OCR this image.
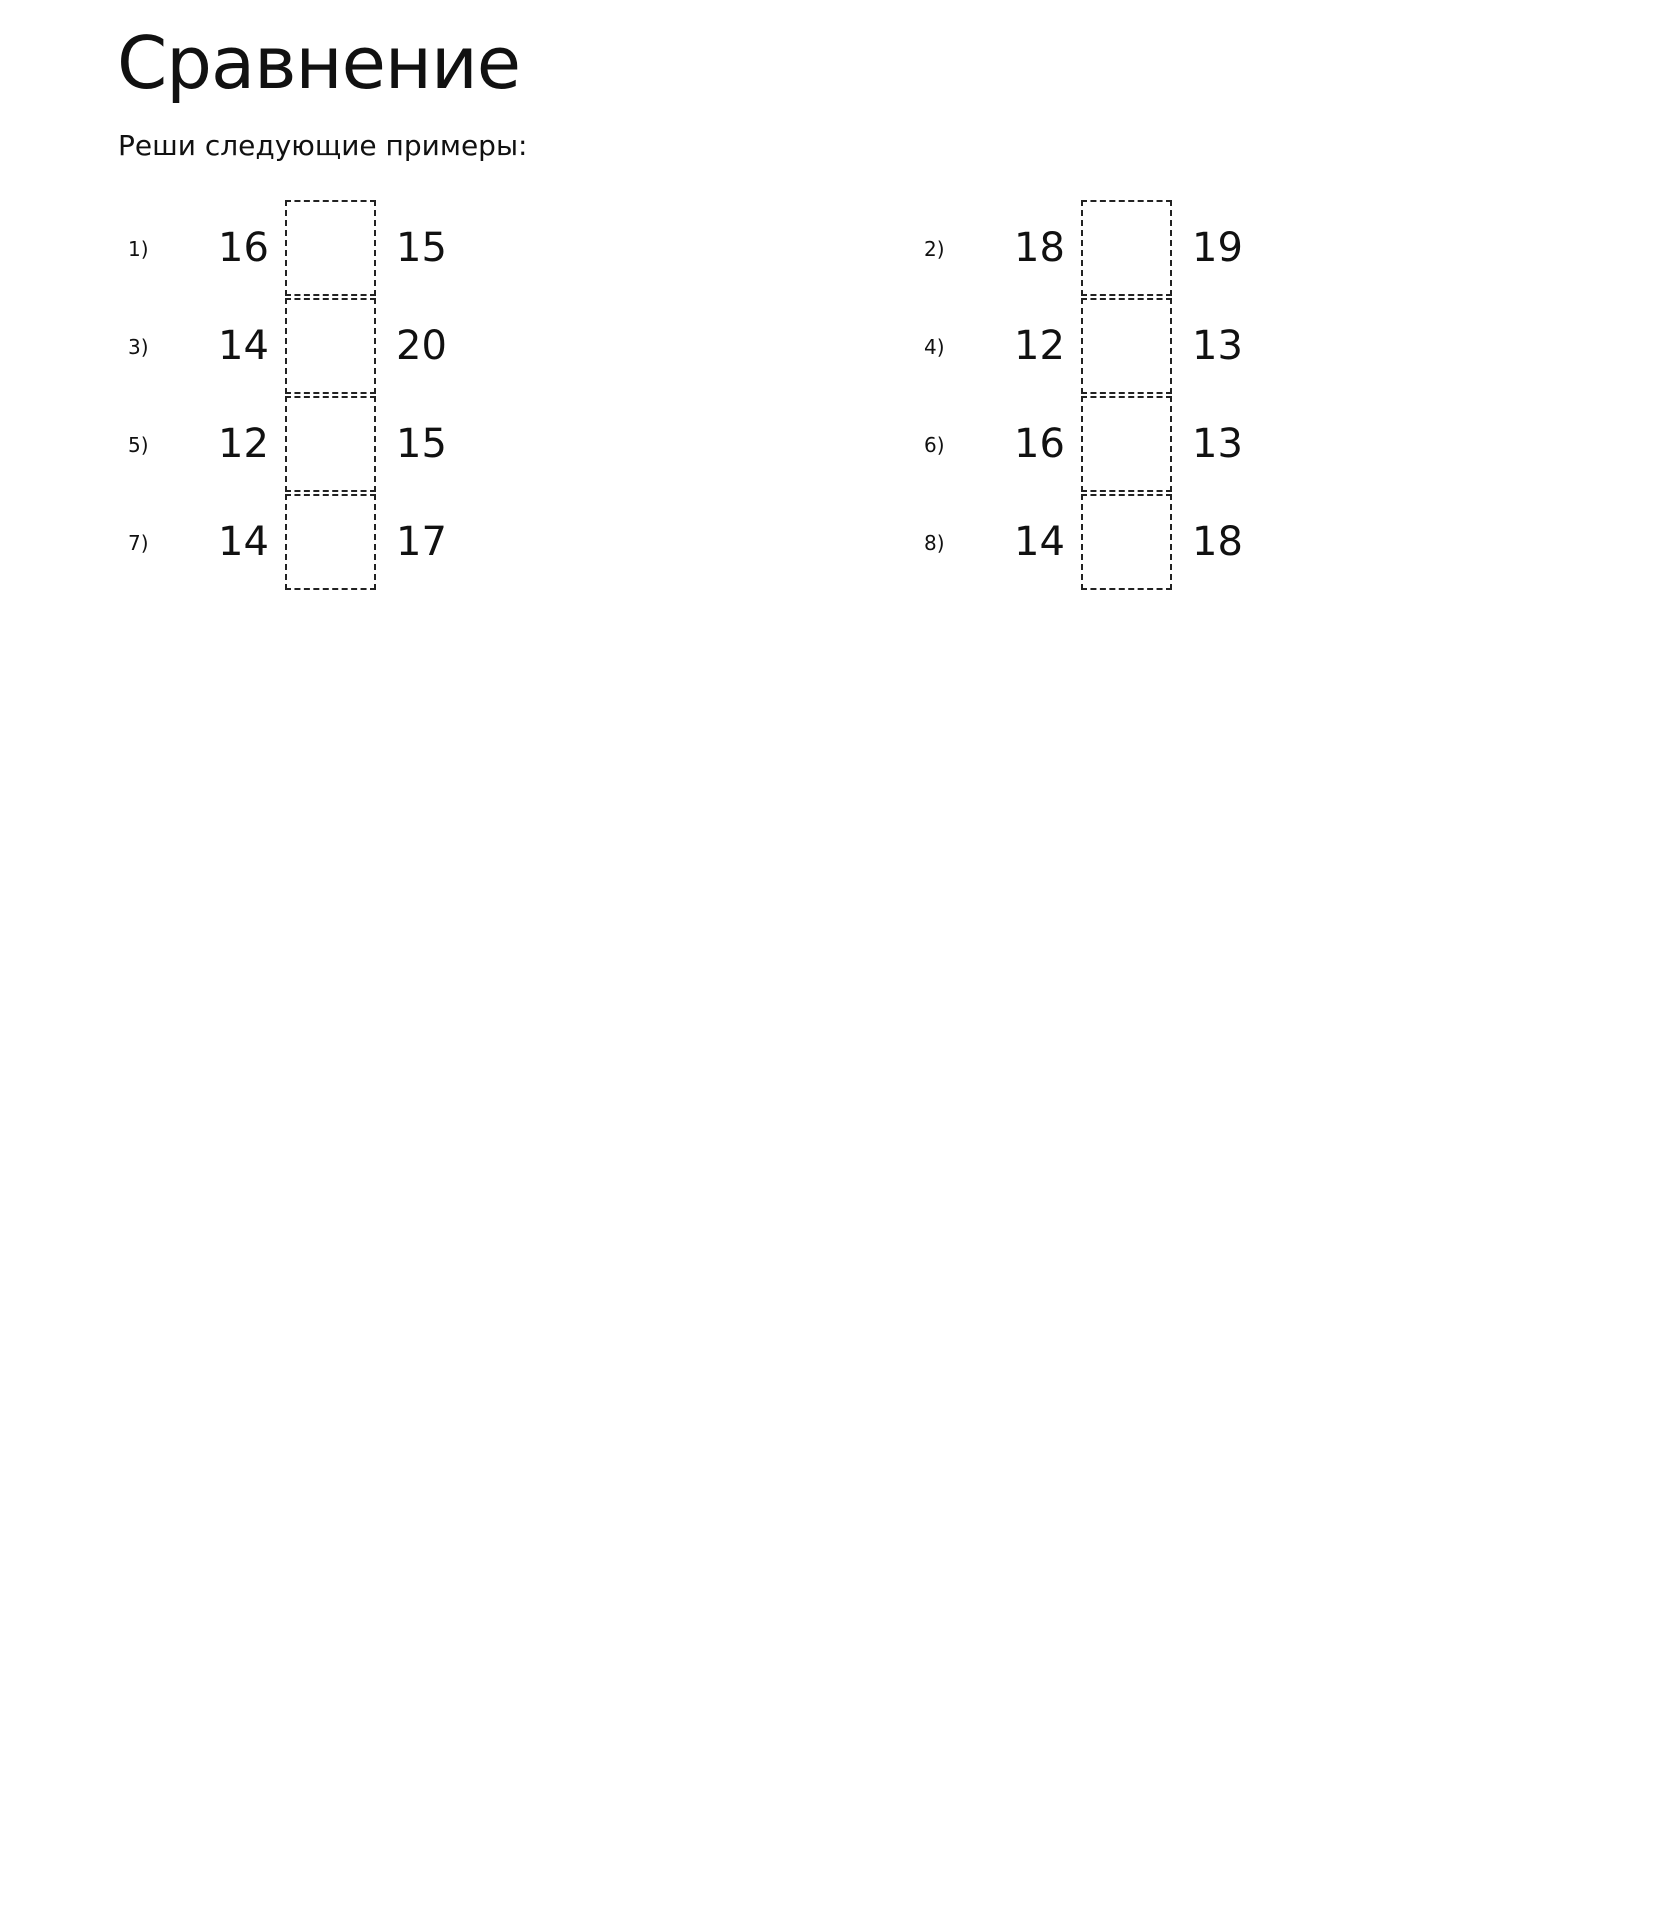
Сравнение

Реши следующие примеры:

1) 16	15	2) 18	19
3) 14	20	4) 12	13
5) 12	15	6) 16	13
7) 14	17	8) 14	18
